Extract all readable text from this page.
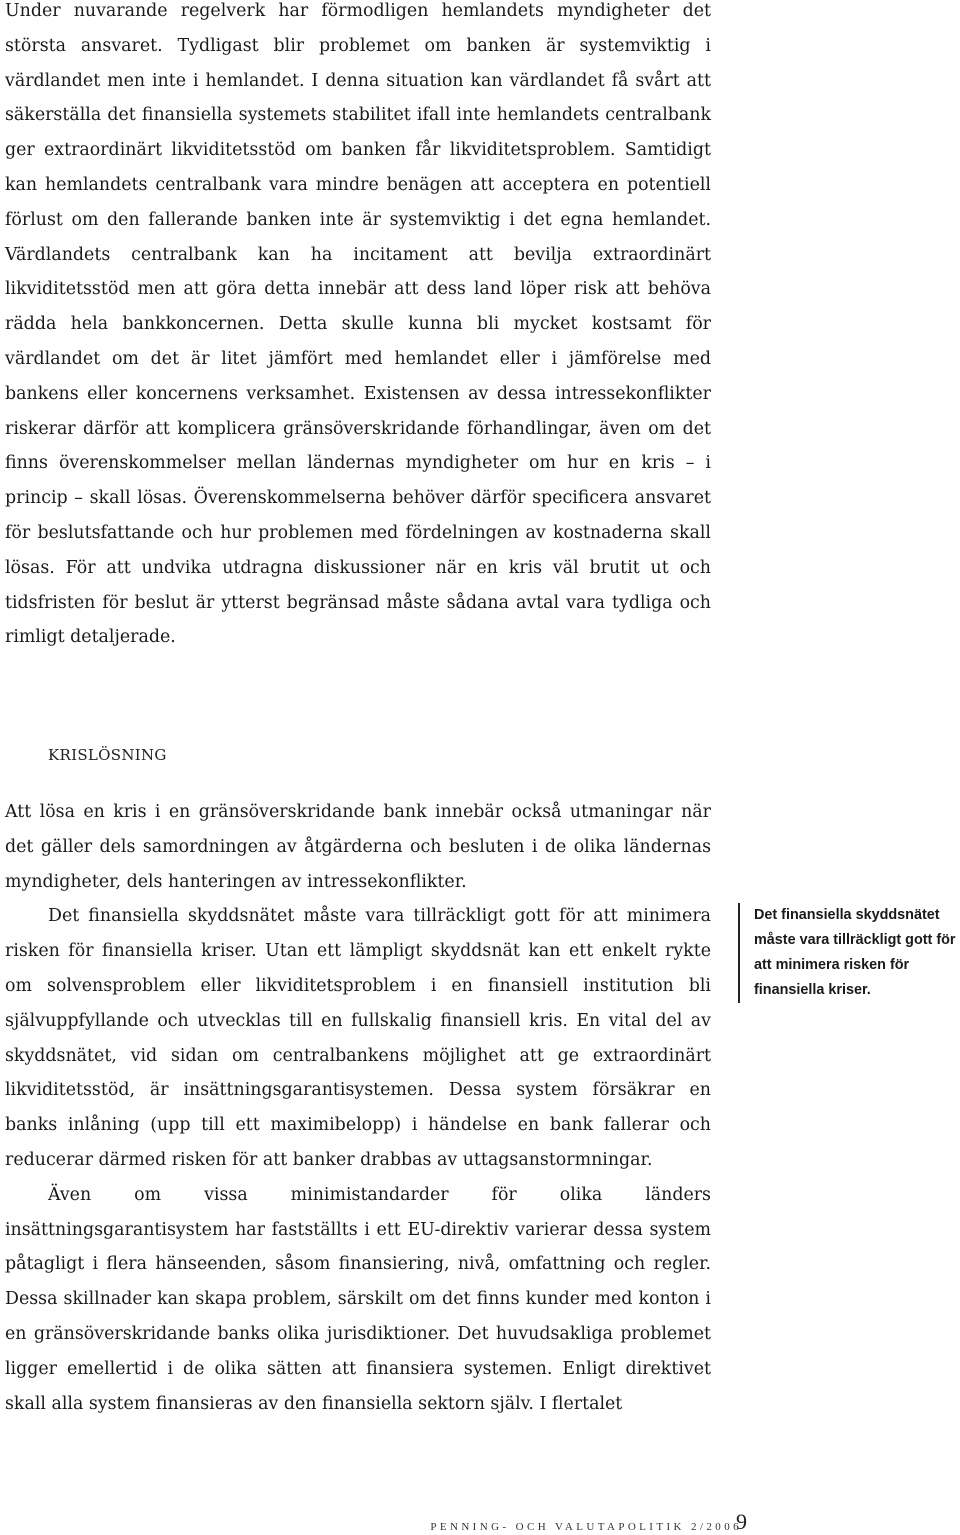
Under nuvarande regelverk har förmodligen hemlandets myndigheter det största ansvaret. Tydligast blir problemet om banken är systemviktig i värdlandet men inte i hemlandet. I denna situation kan värdlandet få svårt att säkerställa det finansiella systemets stabilitet ifall inte hemlandets centralbank ger extraordinärt likviditetsstöd om banken får likviditetsproblem. Samtidigt kan hemlandets centralbank vara mindre benägen att acceptera en potentiell förlust om den fallerande banken inte är systemviktig i det egna hemlandet. Värdlandets centralbank kan ha incitament att bevilja extraordinärt likviditetsstöd men att göra detta innebär att dess land löper risk att behöva rädda hela bankkoncernen. Detta skulle kunna bli mycket kostsamt för värdlandet om det är litet jämfört med hemlandet eller i jämförelse med bankens eller koncernens verksamhet. Existensen av dessa intressekonflikter riskerar därför att komplicera gränsöverskridande förhandlingar, även om det finns överenskommelser mellan ländernas myndigheter om hur en kris – i princip – skall lösas. Överenskommelserna behöver därför specificera ansvaret för beslutsfattande och hur problemen med fördelningen av kostnaderna skall lösas. För att undvika utdragna diskussioner när en kris väl brutit ut och tidsfristen för beslut är ytterst begränsad måste sådana avtal vara tydliga och rimligt detaljerade.

KRISLÖSNING

Att lösa en kris i en gränsöverskridande bank innebär också utmaningar när det gäller dels samordningen av åtgärderna och besluten i de olika ländernas myndigheter, dels hanteringen av intressekonflikter.

Det finansiella skyddsnätet måste vara tillräckligt gott för att minimera risken för finansiella kriser. Utan ett lämpligt skyddsnät kan ett enkelt rykte om solvensproblem eller likviditetsproblem i en finansiell institution bli självuppfyllande och utvecklas till en fullskalig finansiell kris. En vital del av skyddsnätet, vid sidan om centralbankens möjlighet att ge extraordinärt likviditetsstöd, är insättningsgarantisystemen. Dessa system försäkrar en banks inlåning (upp till ett maximibelopp) i händelse en bank fallerar och reducerar därmed risken för att banker drabbas av uttagsanstormningar.

Även om vissa minimistandarder för olika länders insättningsgarantisystem har fastställts i ett EU-direktiv varierar dessa system påtagligt i flera hänseenden, såsom finansiering, nivå, omfattning och regler. Dessa skillnader kan skapa problem, särskilt om det finns kunder med konton i en gränsöverskridande banks olika jurisdiktioner. Det huvudsakliga problemet ligger emellertid i de olika sätten att finansiera systemen. Enligt direktivet skall alla system finansieras av den finansiella sektorn själv. I flertalet

Det finansiella skyddsnätet måste vara tillräckligt gott för att minimera risken för finansiella kriser.
PENNING- OCH VALUTAPOLITIK 2/2006
9
